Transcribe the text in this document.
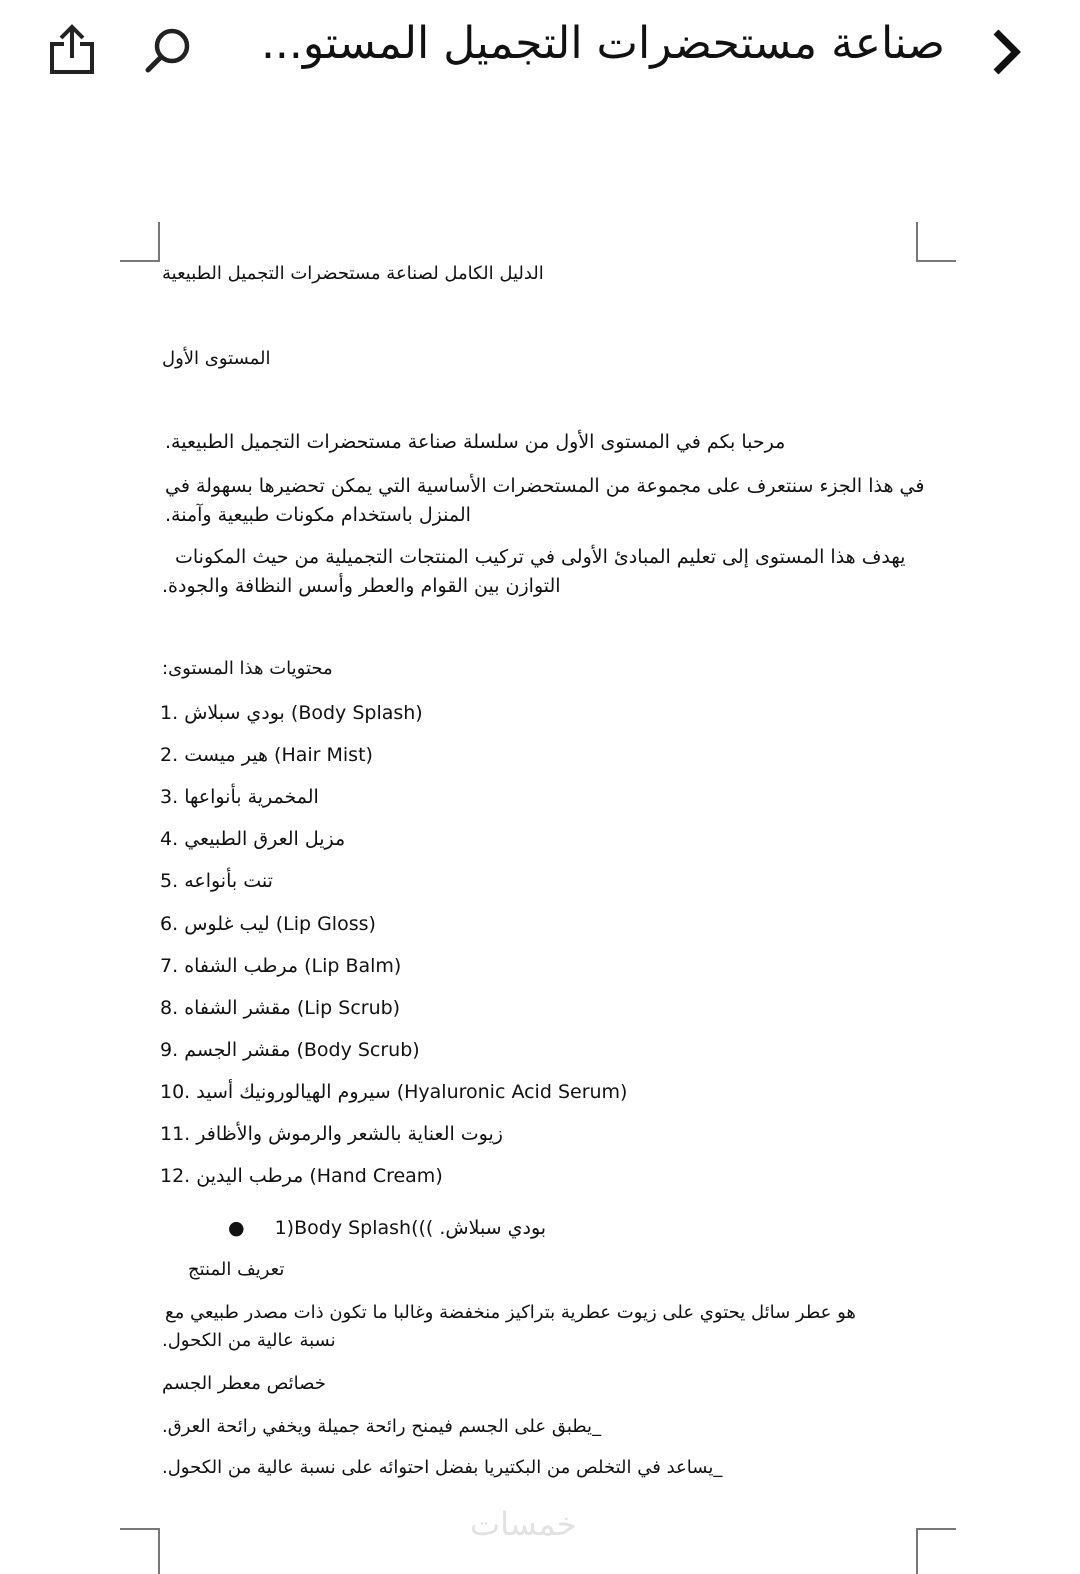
صناعة مستحضرات التجميل المستو...
الدليل الكامل لصناعة مستحضرات التجميل الطبيعية
المستوى الأول
مرحبا بكم في المستوى الأول من سلسلة صناعة مستحضرات التجميل الطبيعية.
في هذا الجزء سنتعرف على مجموعة من المستحضرات الأساسية التي يمكن تحضيرها بسهولة في
المنزل باستخدام مكونات طبيعية وآمنة.
يهدف هذا المستوى إلى تعليم المبادئ الأولى في تركيب المنتجات التجميلية من حيث المكونات
التوازن بين القوام والعطر وأسس النظافة والجودة.
محتويات هذا المستوى:
1. بودي سبلاش (Body Splash)
2. هير ميست (Hair Mist)
3. المخمرية بأنواعها
4. مزيل العرق الطبيعي
5. تنت بأنواعه
6. ليب غلوس (Lip Gloss)
7. مرطب الشفاه (Lip Balm)
8. مقشر الشفاه (Lip Scrub)
9. مقشر الجسم (Body Scrub)
10. سيروم الهيالورونيك أسيد (Hyaluronic Acid Serum)
11. زيوت العناية بالشعر والرموش والأظافر
12. مرطب اليدين (Hand Cream)
● 1)Body Splash((( بودي سبلاش.
تعريف المنتج
هو عطر سائل يحتوي على زيوت عطرية بتراكيز منخفضة وغالبا ما تكون ذات مصدر طبيعي مع
نسبة عالية من الكحول.
خصائص معطر الجسم
_يطبق على الجسم فيمنح رائحة جميلة ويخفي رائحة العرق.
_يساعد في التخلص من البكتيريا بفضل احتوائه على نسبة عالية من الكحول.
خمسات
